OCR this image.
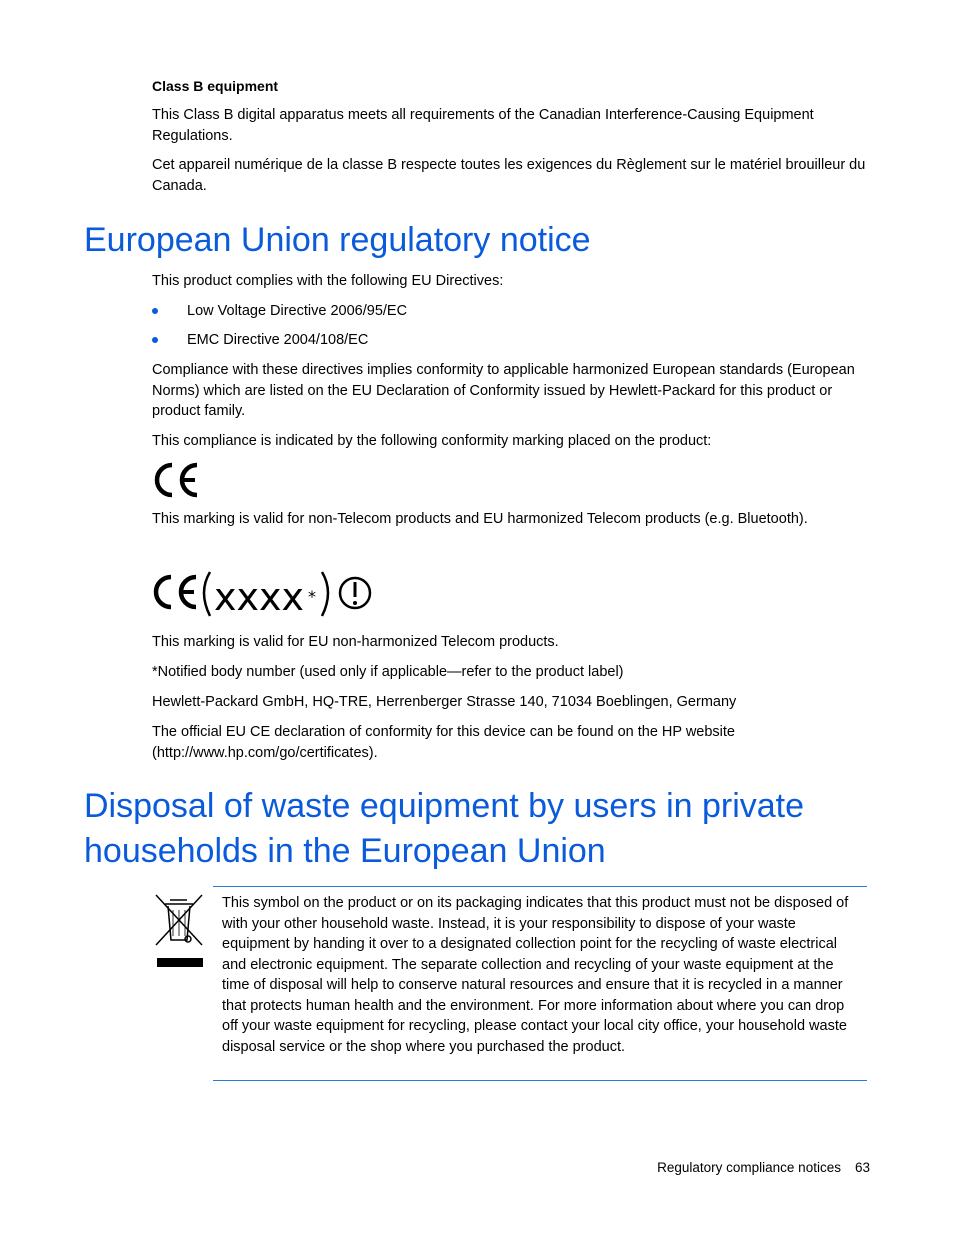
Class B equipment

This Class B digital apparatus meets all requirements of the Canadian Interference-Causing Equipment Regulations.

Cet appareil numérique de la classe B respecte toutes les exigences du Règlement sur le matériel brouilleur du Canada.

European Union regulatory notice

This product complies with the following EU Directives:

Low Voltage Directive 2006/95/EC
EMC Directive 2004/108/EC

Compliance with these directives implies conformity to applicable harmonized European standards (European Norms) which are listed on the EU Declaration of Conformity issued by Hewlett-Packard for this product or product family.

This compliance is indicated by the following conformity marking placed on the product:

This marking is valid for non-Telecom products and EU harmonized Telecom products (e.g. Bluetooth).

xxxx *

This marking is valid for EU non-harmonized Telecom products.

*Notified body number (used only if applicable—refer to the product label)

Hewlett-Packard GmbH, HQ-TRE, Herrenberger Strasse 140, 71034 Boeblingen, Germany

The official EU CE declaration of conformity for this device can be found on the HP website (http://www.hp.com/go/certificates).

Disposal of waste equipment by users in private
households in the European Union

This symbol on the product or on its packaging indicates that this product must not be disposed of with your other household waste. Instead, it is your responsibility to dispose of your waste equipment by handing it over to a designated collection point for the recycling of waste electrical and electronic equipment. The separate collection and recycling of your waste equipment at the time of disposal will help to conserve natural resources and ensure that it is recycled in a manner that protects human health and the environment. For more information about where you can drop off your waste equipment for recycling, please contact your local city office, your household waste disposal service or the shop where you purchased the product.

Regulatory compliance notices 63
